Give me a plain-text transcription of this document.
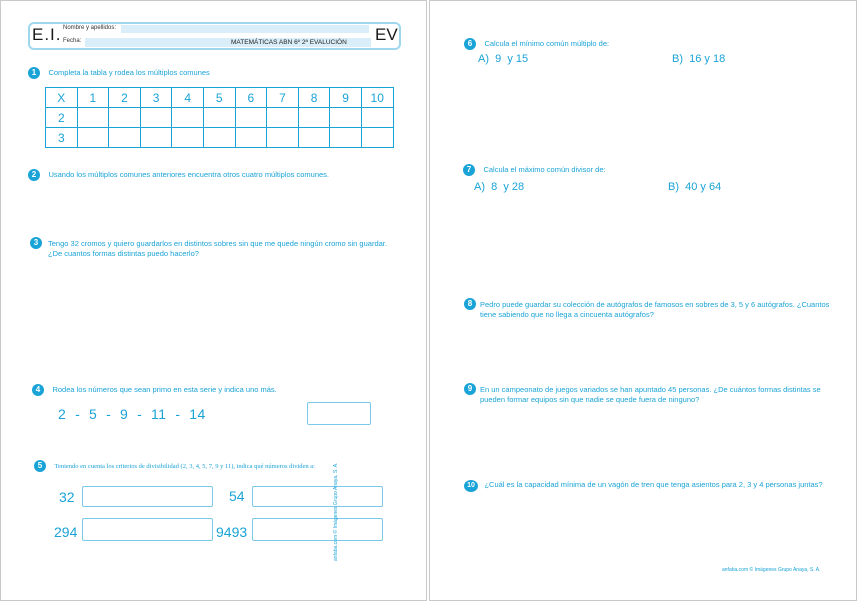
E.I. Nombre y apellidos:
Fecha:	MATEMÁTICAS ABN 6º 2ª EVALUCIÓN EV
1 Completa la tabla y rodea los múltiplos comunes
X	1	2	3	4	5	6	7	8	9	10
2										
3										
2 Usando los múltiplos comunes anteriores encuentra otros cuatro múltiplos comunes.
3	Tengo 32 cromos y quiero guardarlos en distintos sobres sin que me quede ningún cromo sin guardar.
¿De cuantos formas distintas puedo hacerlo?
4 Rodea los números que sean primo en esta serie y indica uno más.
2  -  5  -  9  -  11  -  14
5 Teniendo en cuenta los criterios de divisibilidad (2, 3, 4, 5, 7, 9 y 11), indica qué números dividen a:
32	54
294	9493	anfaba.com © Imágenes Grupo Anaya, S. A.
6 Calcula el mínimo común múltiplo de:
A)  9  y 15	B)  16 y 18
7 Calcula el máximo común divisor de:
A)  8  y 28	B)  40 y 64
8	Pedro puede guardar su colección de autógrafos de famosos en sobres de 3, 5 y 6 autógrafos. ¿Cuantos
tiene sabiendo que no llega a cincuenta autógrafos?
9	En un campeonato de juegos variados se han apuntado 45 personas. ¿De cuántos formas distintas se
pueden formar equipos sin que nadie se quede fuera de ninguno?
10 ¿Cuál es la capacidad mínima de un vagón de tren que tenga asientos para 2, 3 y 4 personas juntas?
anfaba.com © Imágenes Grupo Anaya, S. A.
